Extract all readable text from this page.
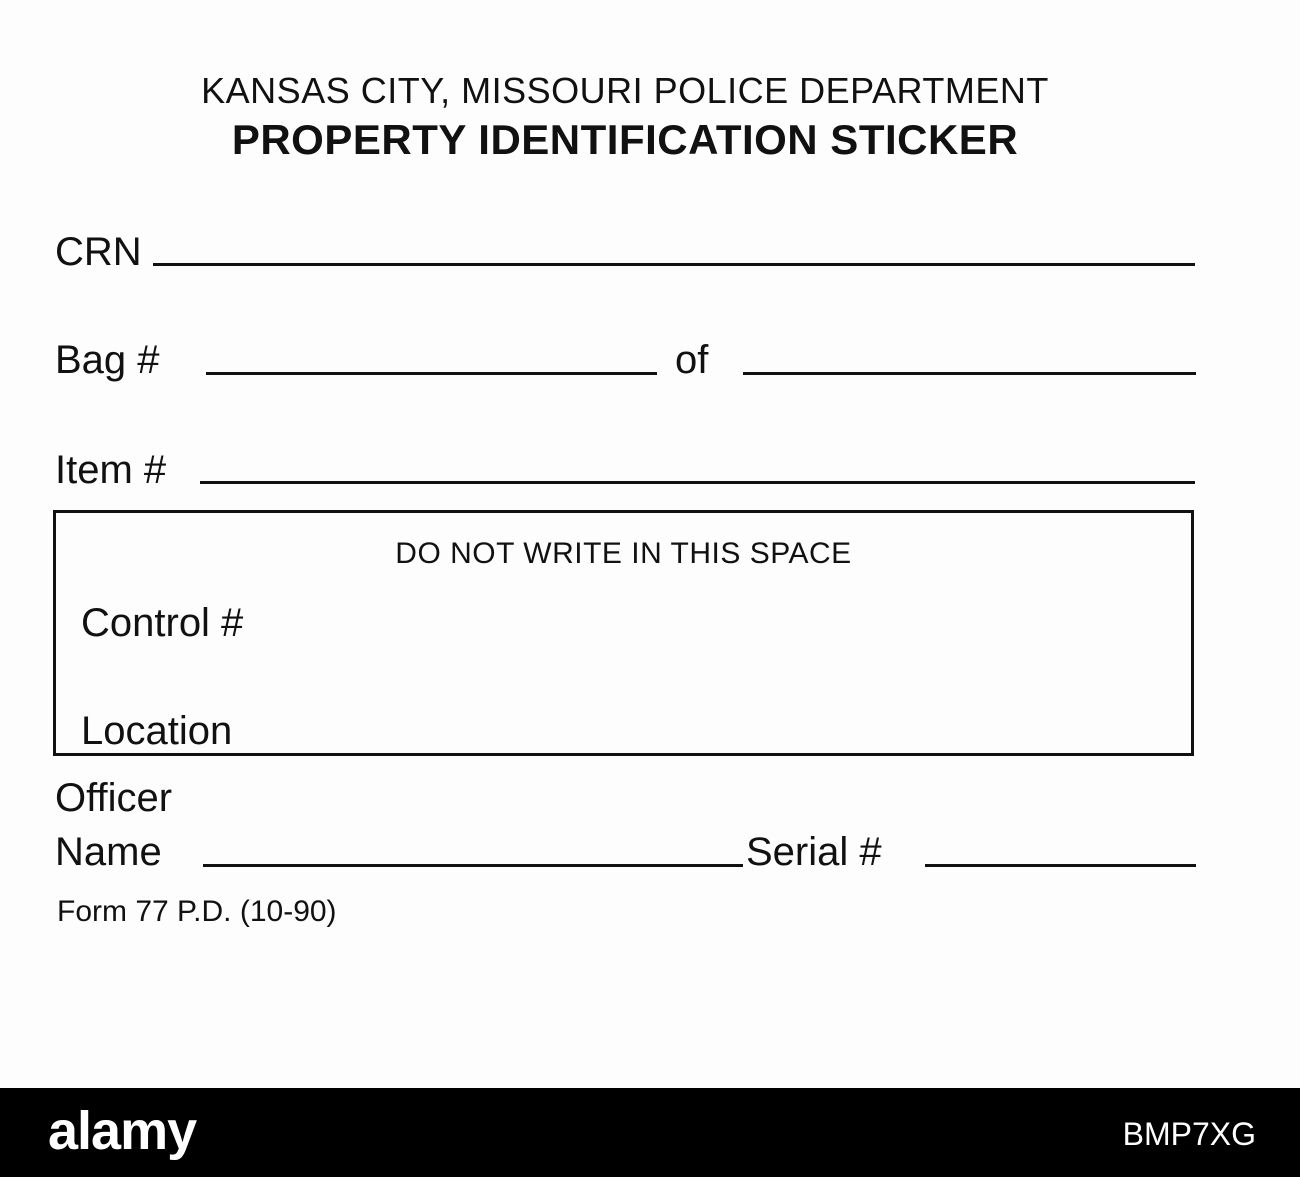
KANSAS CITY, MISSOURI POLICE DEPARTMENT
PROPERTY IDENTIFICATION STICKER
CRN
Bag #	of
Item #
DO NOT WRITE IN THIS SPACE
Control #
Location
Officer
Name	Serial #
Form 77 P.D. (10-90)
alamy	BMP7XG
